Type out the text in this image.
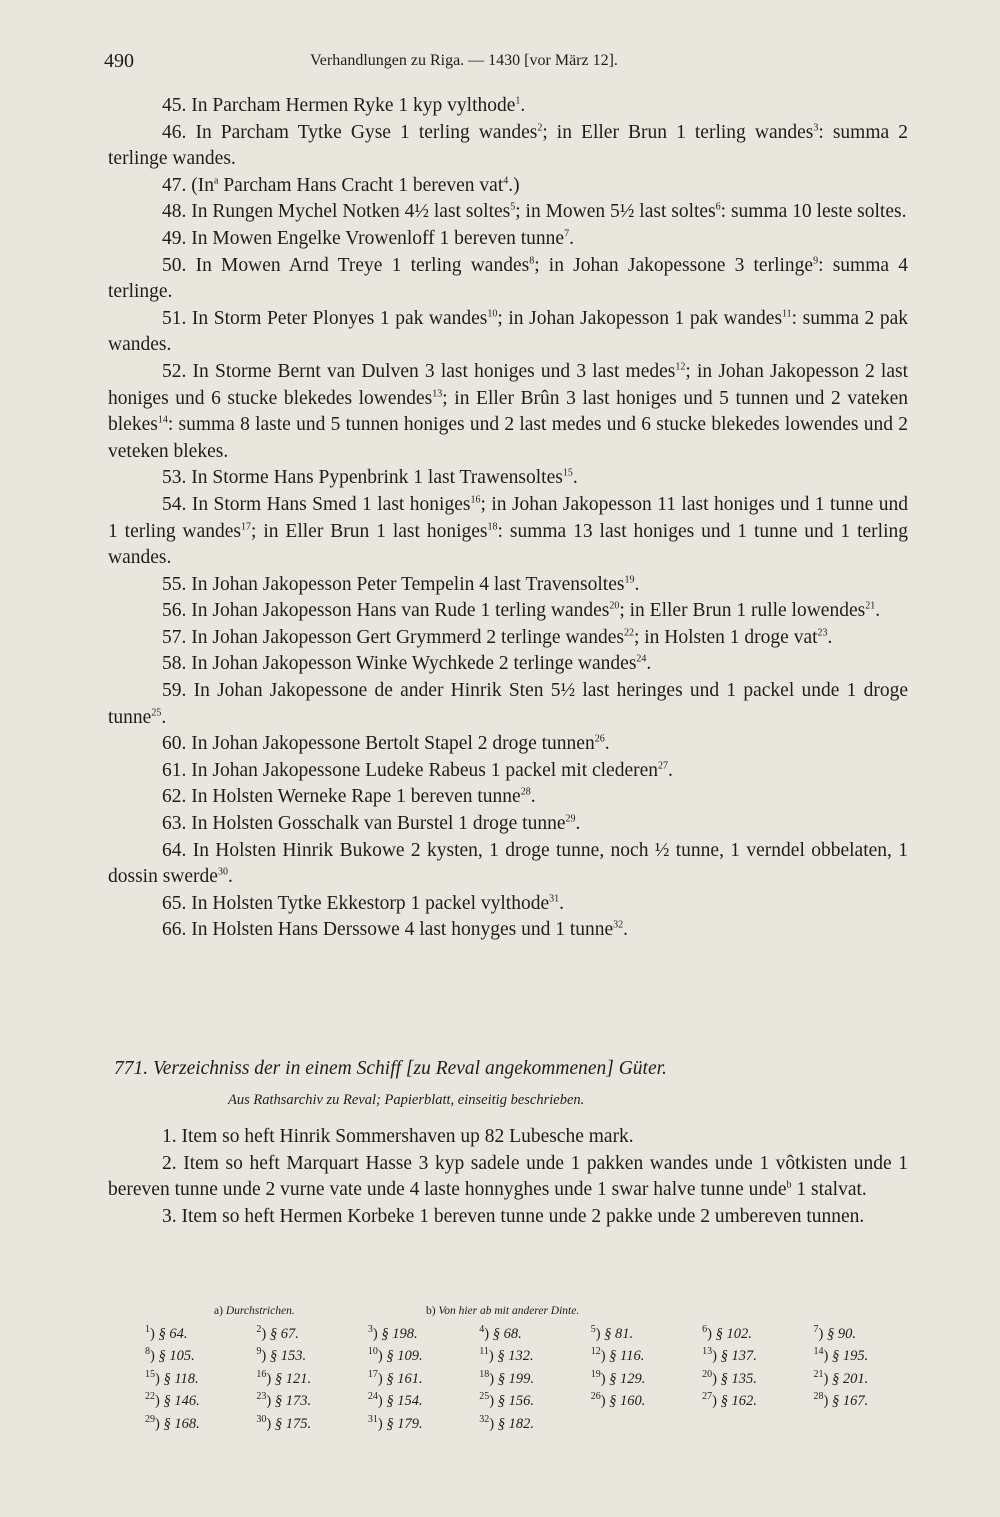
490	Verhandlungen zu Riga. — 1430 [vor März 12].

45. In Parcham Hermen Ryke 1 kyp vylthode$^1$.

46. In Parcham Tytke Gyse 1 terling wandes$^2$; in Eller Brun 1 terling wandes$^3$: summa 2 terlinge wandes.

47. (In$^a$ Parcham Hans Cracht 1 bereven vat$^4$.)

48. In Rungen Mychel Notken 4½ last soltes$^5$; in Mowen 5½ last soltes$^6$: summa 10 leste soltes.

49. In Mowen Engelke Vrowenloff 1 bereven tunne$^7$.

50. In Mowen Arnd Treye 1 terling wandes$^8$; in Johan Jakopessone 3 terlinge$^9$: summa 4 terlinge.

51. In Storm Peter Plonyes 1 pak wandes$^{10}$; in Johan Jakopesson 1 pak wandes$^{11}$: summa 2 pak wandes.

52. In Storme Bernt van Dulven 3 last honiges und 3 last medes$^{12}$; in Johan Jakopesson 2 last honiges und 6 stucke blekedes lowendes$^{13}$; in Eller Brûn 3 last honiges und 5 tunnen und 2 vateken blekes$^{14}$: summa 8 laste und 5 tunnen honiges und 2 last medes und 6 stucke blekedes lowendes und 2 veteken blekes.

53. In Storme Hans Pypenbrink 1 last Trawensoltes$^{15}$.

54. In Storm Hans Smed 1 last honiges$^{16}$; in Johan Jakopesson 11 last honiges und 1 tunne und 1 terling wandes$^{17}$; in Eller Brun 1 last honiges$^{18}$: summa 13 last honiges und 1 tunne und 1 terling wandes.

55. In Johan Jakopesson Peter Tempelin 4 last Travensoltes$^{19}$.

56. In Johan Jakopesson Hans van Rude 1 terling wandes$^{20}$; in Eller Brun 1 rulle lowendes$^{21}$.

57. In Johan Jakopesson Gert Grymmerd 2 terlinge wandes$^{22}$; in Holsten 1 droge vat$^{23}$.

58. In Johan Jakopesson Winke Wychkede 2 terlinge wandes$^{24}$.

59. In Johan Jakopessone de ander Hinrik Sten 5½ last heringes und 1 packel unde 1 droge tunne$^{25}$.

60. In Johan Jakopessone Bertolt Stapel 2 droge tunnen$^{26}$.

61. In Johan Jakopessone Ludeke Rabeus 1 packel mit clederen$^{27}$.

62. In Holsten Werneke Rape 1 bereven tunne$^{28}$.

63. In Holsten Gosschalk van Burstel 1 droge tunne$^{29}$.

64. In Holsten Hinrik Bukowe 2 kysten, 1 droge tunne, noch ½ tunne, 1 verndel obbelaten, 1 dossin swerde$^{30}$.

65. In Holsten Tytke Ekkestorp 1 packel vylthode$^{31}$.

66. In Holsten Hans Derssowe 4 last honyges und 1 tunne$^{32}$.

771. Verzeichniss der in einem Schiff [zu Reval angekommenen] Güter.
Aus Rathsarchiv zu Reval; Papierblatt, einseitig beschrieben.

1. Item so heft Hinrik Sommershaven up 82 Lubesche mark.

2. Item so heft Marquart Hasse 3 kyp sadele unde 1 pakken wandes unde 1 vôtkisten unde 1 bereven tunne unde 2 vurne vate unde 4 laste honnyghes unde 1 swar halve tunne unde$^b$ 1 stalvat.

3. Item so heft Hermen Korbeke 1 bereven tunne unde 2 pakke unde 2 umbereven tunnen.

a) Durchstrichen.	b) Von hier ab mit anderer Dinte.
$^1$) § 64.	$^2$) § 67.	$^3$) § 198.	$^4$) § 68.	$^5$) § 81.	$^6$) § 102.	$^7$) § 90.
$^8$) § 105.	$^9$) § 153.	$^{10}$) § 109.	$^{11}$) § 132.	$^{12}$) § 116.	$^{13}$) § 137.	$^{14}$) § 195.
$^{15}$) § 118.	$^{16}$) § 121.	$^{17}$) § 161.	$^{18}$) § 199.	$^{19}$) § 129.	$^{20}$) § 135.	$^{21}$) § 201.
$^{22}$) § 146.	$^{23}$) § 173.	$^{24}$) § 154.	$^{25}$) § 156.	$^{26}$) § 160.	$^{27}$) § 162.	$^{28}$) § 167.
$^{29}$) § 168.	$^{30}$) § 175.	$^{31}$) § 179.	$^{32}$) § 182.			
